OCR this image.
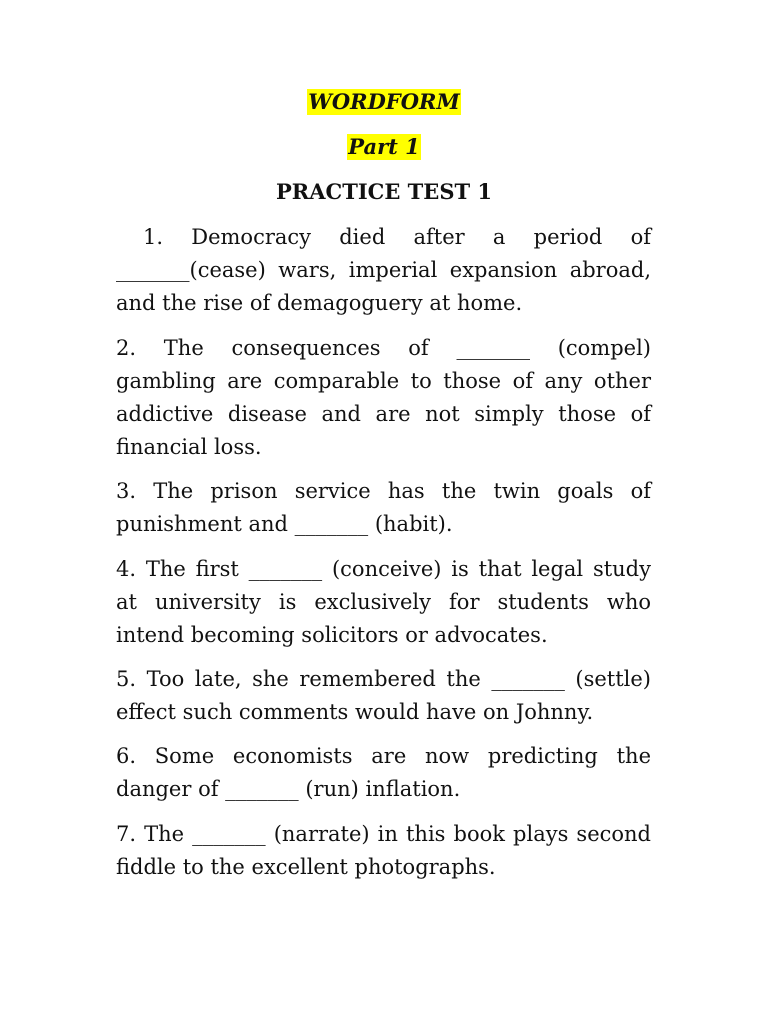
WORDFORM
Part 1
PRACTICE TEST 1

1. Democracy died after a period of _______(cease) wars, imperial expansion abroad, and the rise of demagoguery at home.

2. The consequences of _______ (compel) gambling are comparable to those of any other addictive disease and are not simply those of financial loss.

3. The prison service has the twin goals of punishment and _______ (habit).

4. The first _______ (conceive) is that legal study at university is exclusively for students who intend becoming solicitors or advocates.

5. Too late, she remembered the _______ (settle) effect such comments would have on Johnny.

6. Some economists are now predicting the danger of _______ (run) inflation.

7. The _______ (narrate) in this book plays second fiddle to the excellent photographs.
